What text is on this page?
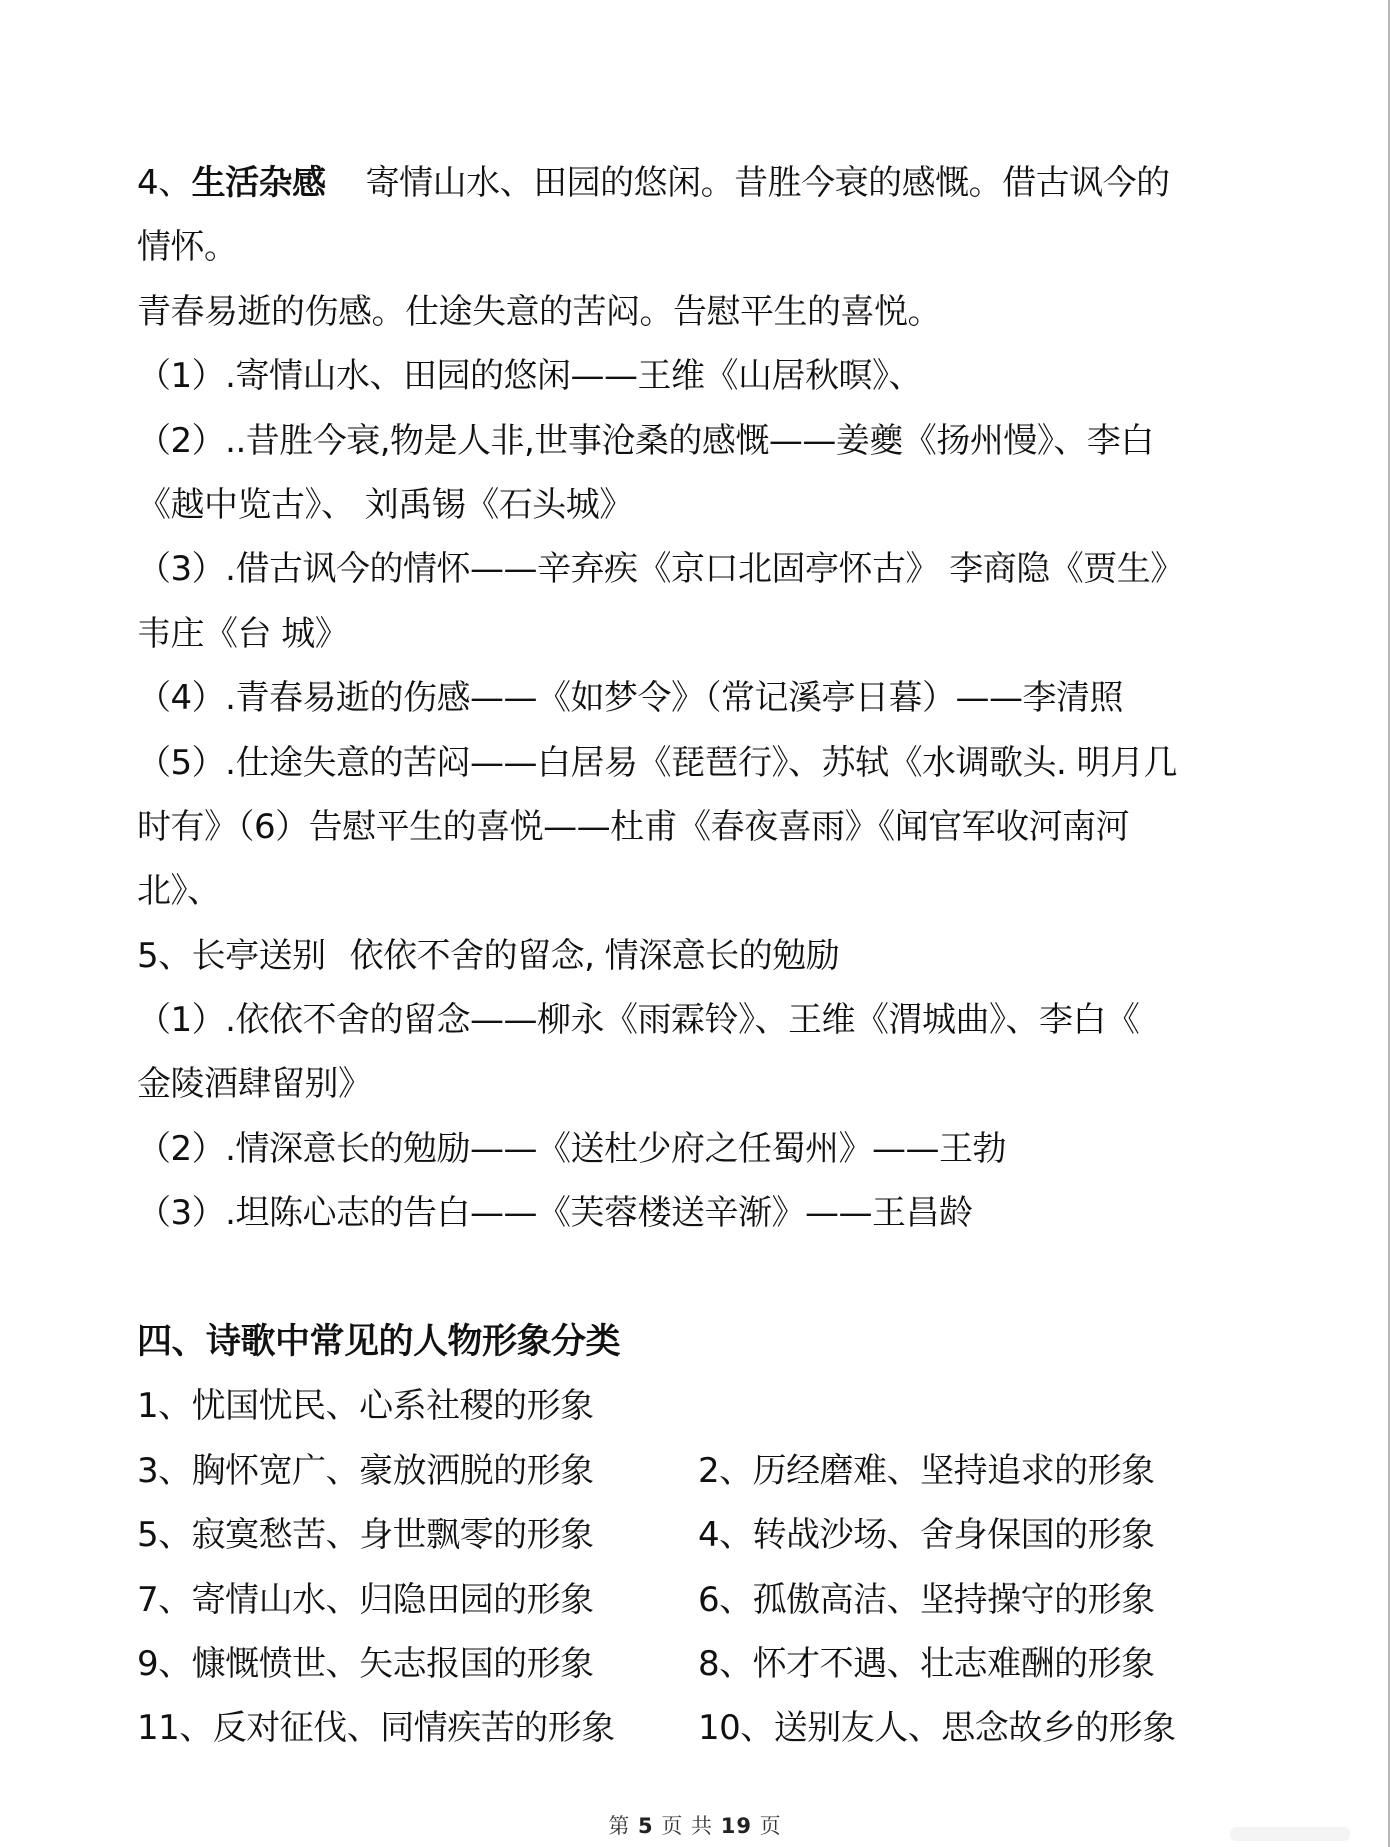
4、生活杂感 寄情山水、田园的悠闲。昔胜今衰的感慨。借古讽今的
情怀。
青春易逝的伤感。仕途失意的苦闷。告慰平生的喜悦。
（1）.寄情山水、田园的悠闲——王维《山居秋暝》、
（2）..昔胜今衰,物是人非,世事沧桑的感慨——姜夔《扬州慢》、李白
《越中览古》、 刘禹锡《石头城》
（3）.借古讽今的情怀——辛弃疾《京口北固亭怀古》 李商隐《贾生》
韦庄《台 城》
（4）.青春易逝的伤感——《如梦令》（常记溪亭日暮）——李清照
（5）.仕途失意的苦闷——白居易《琵琶行》、苏轼《水调歌头. 明月几
时有》（6）告慰平生的喜悦——杜甫《春夜喜雨》《闻官军收河南河
北》、
5、长亭送别 依依不舍的留念, 情深意长的勉励
（1）.依依不舍的留念——柳永《雨霖铃》、王维《渭城曲》、李白《
金陵酒肆留别》
（2）.情深意长的勉励——《送杜少府之任蜀州》——王勃
（3）.坦陈心志的告白——《芙蓉楼送辛渐》——王昌龄
四、诗歌中常见的人物形象分类
1、忧国忧民、心系社稷的形象
3、胸怀宽广、豪放洒脱的形象	2、历经磨难、坚持追求的形象
5、寂寞愁苦、身世飘零的形象	4、转战沙场、舍身保国的形象
7、寄情山水、归隐田园的形象	6、孤傲高洁、坚持操守的形象
9、慷慨愤世、矢志报国的形象	8、怀才不遇、壮志难酬的形象
11、反对征伐、同情疾苦的形象	10、送别友人、思念故乡的形象
第 5 页 共 19 页
